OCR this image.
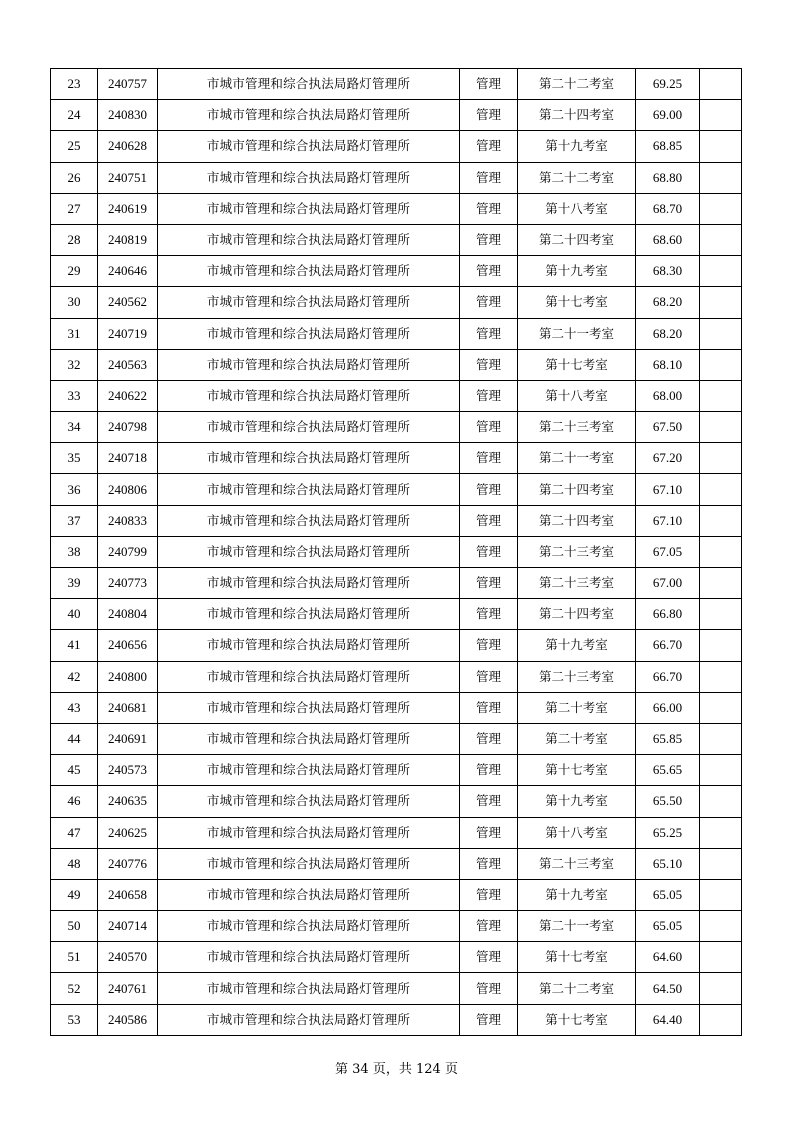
23	240757	市城市管理和综合执法局路灯管理所	管理	第二十二考室	69.25	
24	240830	市城市管理和综合执法局路灯管理所	管理	第二十四考室	69.00	
25	240628	市城市管理和综合执法局路灯管理所	管理	第十九考室	68.85	
26	240751	市城市管理和综合执法局路灯管理所	管理	第二十二考室	68.80	
27	240619	市城市管理和综合执法局路灯管理所	管理	第十八考室	68.70	
28	240819	市城市管理和综合执法局路灯管理所	管理	第二十四考室	68.60	
29	240646	市城市管理和综合执法局路灯管理所	管理	第十九考室	68.30	
30	240562	市城市管理和综合执法局路灯管理所	管理	第十七考室	68.20	
31	240719	市城市管理和综合执法局路灯管理所	管理	第二十一考室	68.20	
32	240563	市城市管理和综合执法局路灯管理所	管理	第十七考室	68.10	
33	240622	市城市管理和综合执法局路灯管理所	管理	第十八考室	68.00	
34	240798	市城市管理和综合执法局路灯管理所	管理	第二十三考室	67.50	
35	240718	市城市管理和综合执法局路灯管理所	管理	第二十一考室	67.20	
36	240806	市城市管理和综合执法局路灯管理所	管理	第二十四考室	67.10	
37	240833	市城市管理和综合执法局路灯管理所	管理	第二十四考室	67.10	
38	240799	市城市管理和综合执法局路灯管理所	管理	第二十三考室	67.05	
39	240773	市城市管理和综合执法局路灯管理所	管理	第二十三考室	67.00	
40	240804	市城市管理和综合执法局路灯管理所	管理	第二十四考室	66.80	
41	240656	市城市管理和综合执法局路灯管理所	管理	第十九考室	66.70	
42	240800	市城市管理和综合执法局路灯管理所	管理	第二十三考室	66.70	
43	240681	市城市管理和综合执法局路灯管理所	管理	第二十考室	66.00	
44	240691	市城市管理和综合执法局路灯管理所	管理	第二十考室	65.85	
45	240573	市城市管理和综合执法局路灯管理所	管理	第十七考室	65.65	
46	240635	市城市管理和综合执法局路灯管理所	管理	第十九考室	65.50	
47	240625	市城市管理和综合执法局路灯管理所	管理	第十八考室	65.25	
48	240776	市城市管理和综合执法局路灯管理所	管理	第二十三考室	65.10	
49	240658	市城市管理和综合执法局路灯管理所	管理	第十九考室	65.05	
50	240714	市城市管理和综合执法局路灯管理所	管理	第二十一考室	65.05	
51	240570	市城市管理和综合执法局路灯管理所	管理	第十七考室	64.60	
52	240761	市城市管理和综合执法局路灯管理所	管理	第二十二考室	64.50	
53	240586	市城市管理和综合执法局路灯管理所	管理	第十七考室	64.40	
第 34 页，共 124 页
